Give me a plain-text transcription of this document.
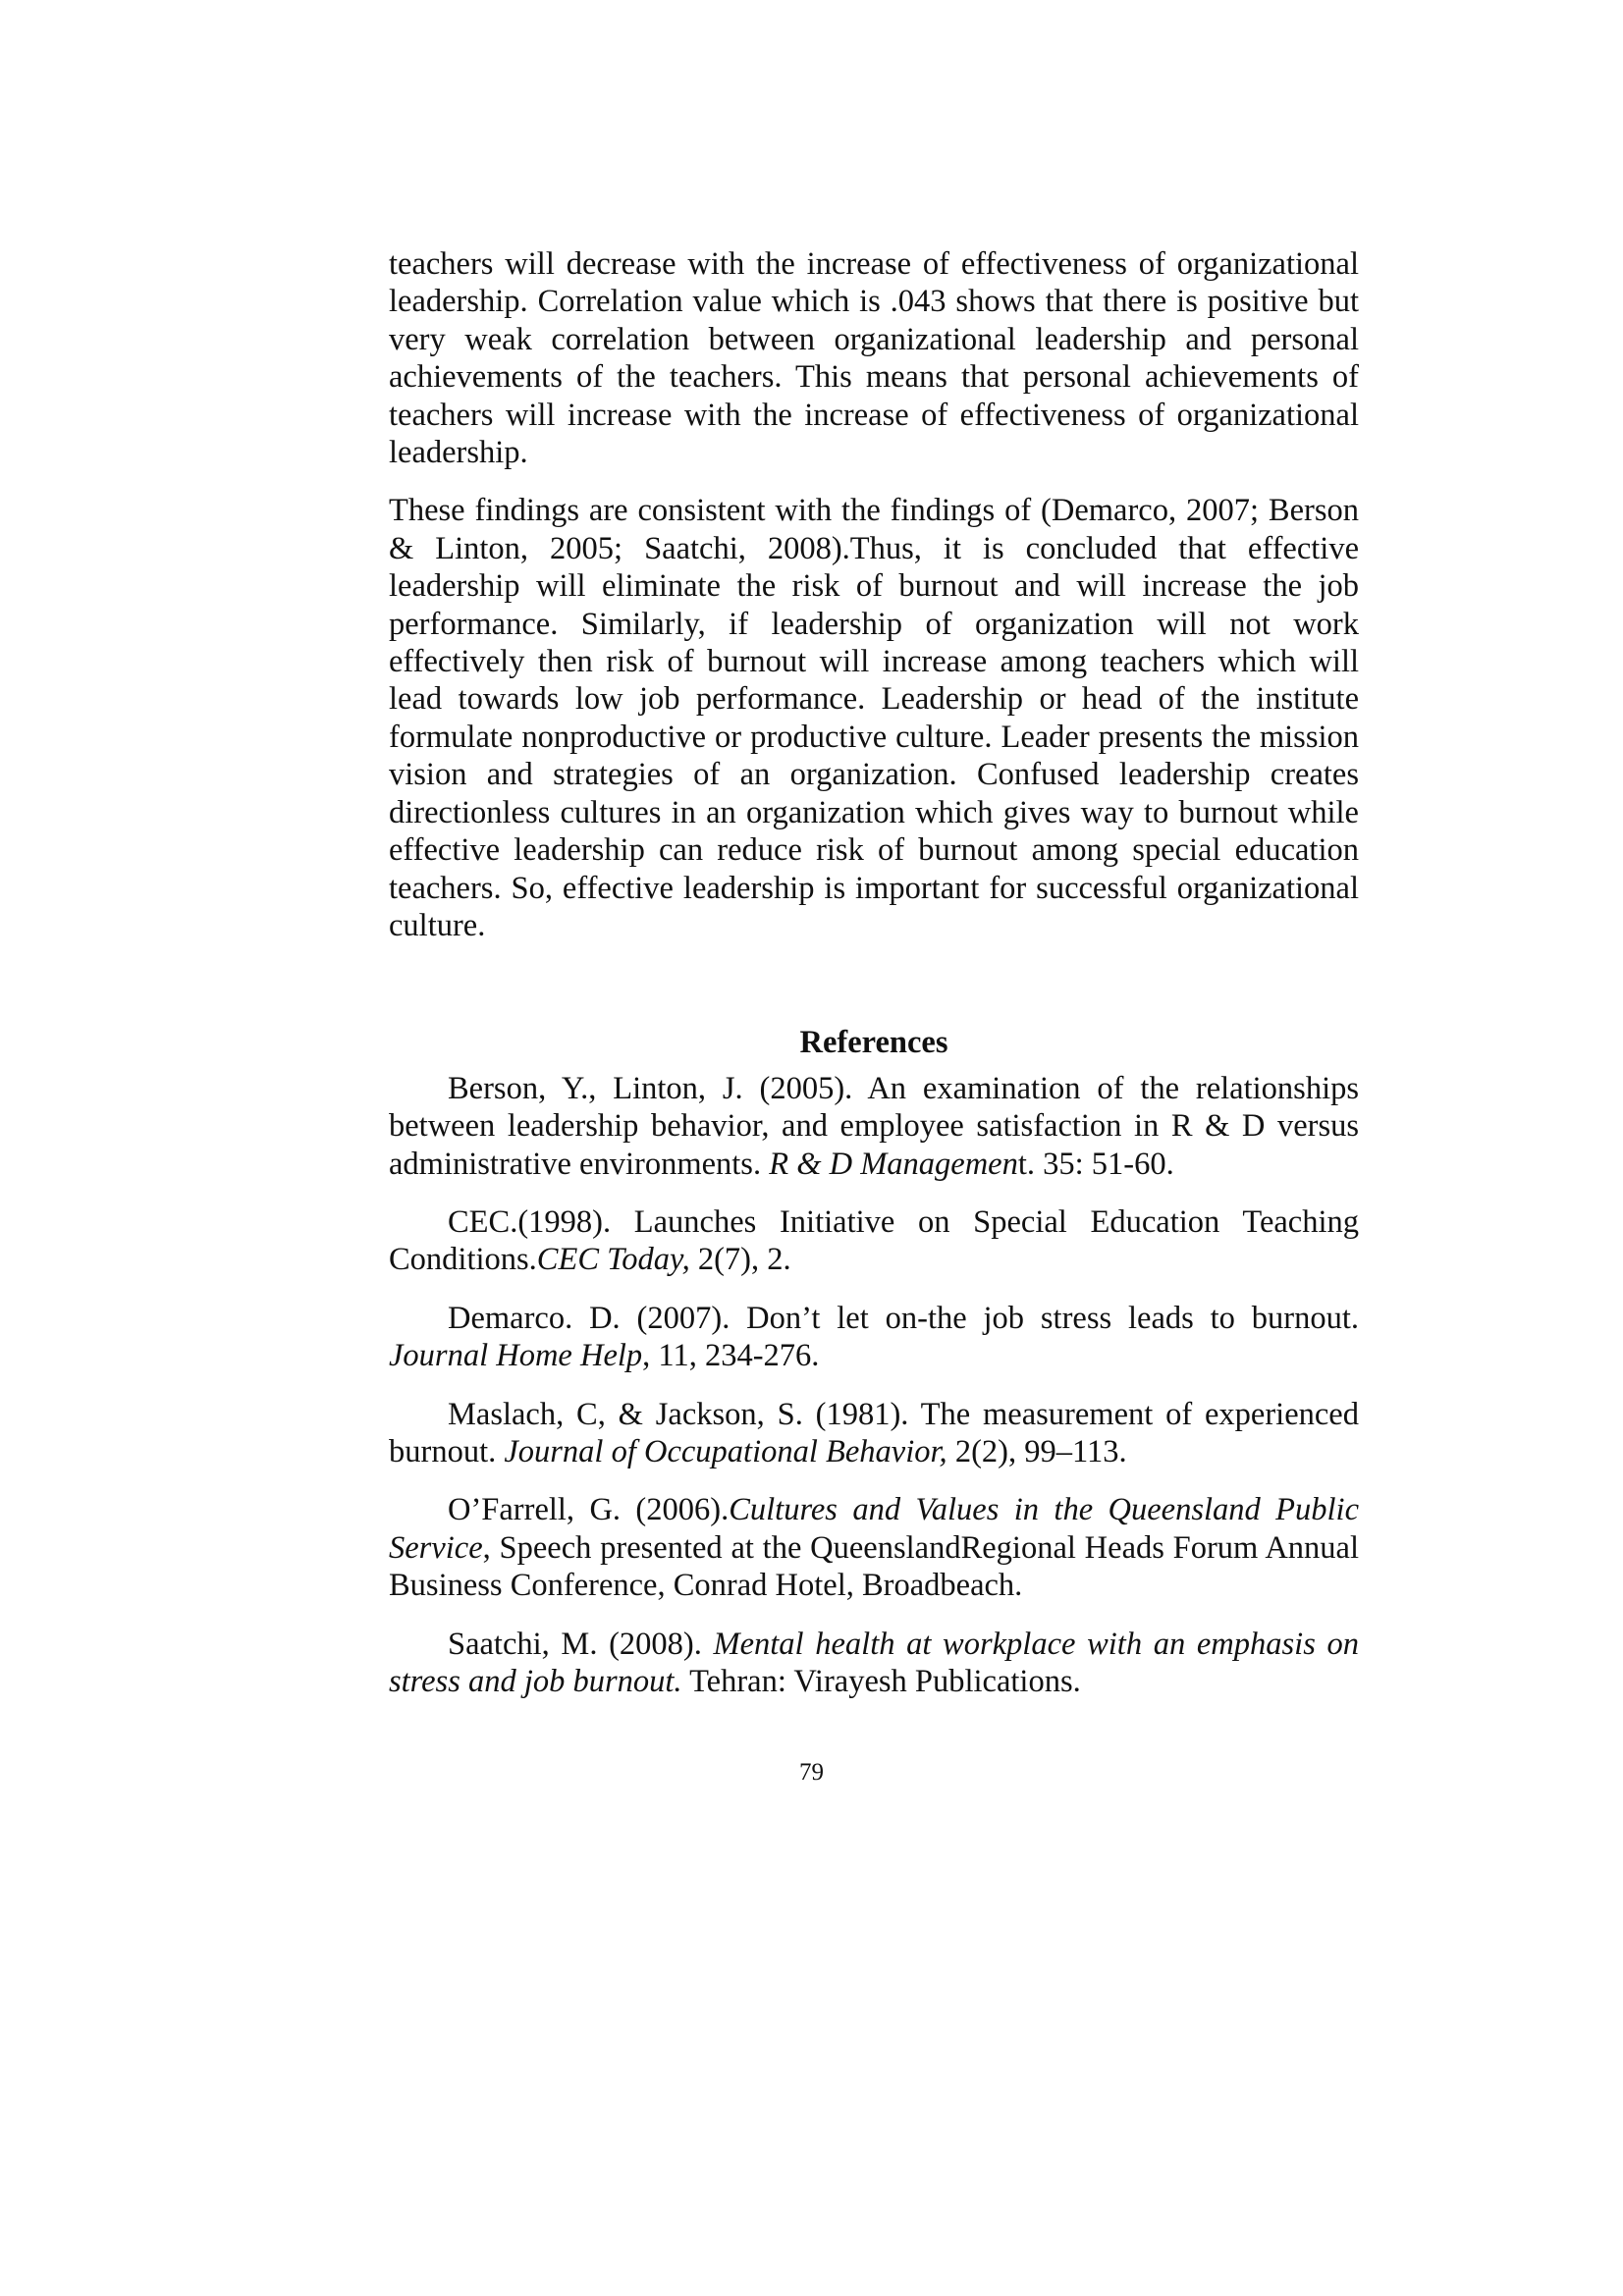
teachers will decrease with the increase of effectiveness of organizational leadership. Correlation value which is .043 shows that there is positive but very weak correlation between organizational leadership and personal achievements of the teachers. This means that personal achievements of teachers will increase with the increase of effectiveness of organizational leadership.

These findings are consistent with the findings of (Demarco, 2007; Berson & Linton, 2005; Saatchi, 2008).Thus, it is concluded that effective leadership will eliminate the risk of burnout and will increase the job performance. Similarly, if leadership of organization will not work effectively then risk of burnout will increase among teachers which will lead towards low job performance. Leadership or head of the institute formulate nonproductive or productive culture. Leader presents the mission vision and strategies of an organization. Confused leadership creates directionless cultures in an organization which gives way to burnout while effective leadership can reduce risk of burnout among special education teachers. So, effective leadership is important for successful organizational culture.

References

Berson, Y., Linton, J. (2005). An examination of the relationships between leadership behavior, and employee satisfaction in R & D versus administrative environments. R & D Management. 35: 51-60.

CEC.(1998). Launches Initiative on Special Education Teaching Conditions.CEC Today, 2(7), 2.

Demarco. D. (2007). Don’t let on-the job stress leads to burnout. Journal Home Help, 11, 234-276.

Maslach, C, & Jackson, S. (1981). The measurement of experienced burnout. Journal of Occupational Behavior, 2(2), 99–113.

O’Farrell, G. (2006).Cultures and Values in the Queensland Public Service, Speech presented at the QueenslandRegional Heads Forum Annual Business Conference, Conrad Hotel, Broadbeach.

Saatchi, M. (2008). Mental health at workplace with an emphasis on stress and job burnout. Tehran: Virayesh Publications.

79
